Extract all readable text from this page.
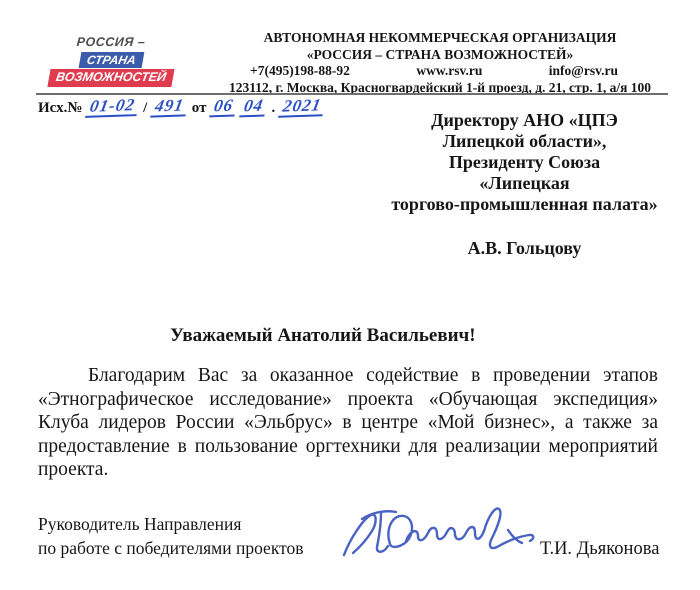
РОССИЯ –
СТРАНА
ВОЗМОЖНОСТЕЙ
АВТОНОМНАЯ НЕКОММЕРЧЕСКАЯ ОРГАНИЗАЦИЯ
«РОССИЯ – СТРАНА ВОЗМОЖНОСТЕЙ»
+7(495)198-88-92	www.rsv.ru	info@rsv.ru
123112, г. Москва, Красногвардейский 1-й проезд, д. 21, стр. 1, а/я 100
Исх.№ 01-02 / 491 от 06 04 . 2021
Директору АНО «ЦПЭ
Липецкой области»,
Президенту Союза
«Липецкая
торгово-промышленная палата»
А.В. Гольцову
Уважаемый Анатолий Васильевич!
Благодарим Вас за оказанное содействие в проведении этапов «Этнографическое исследование» проекта «Обучающая экспедиция» Клуба лидеров России «Эльбрус» в центре «Мой бизнес», а также за предоставление в пользование оргтехники для реализации мероприятий проекта.
Руководитель Направления
по работе с победителями проектов	Т.И. Дьяконова
